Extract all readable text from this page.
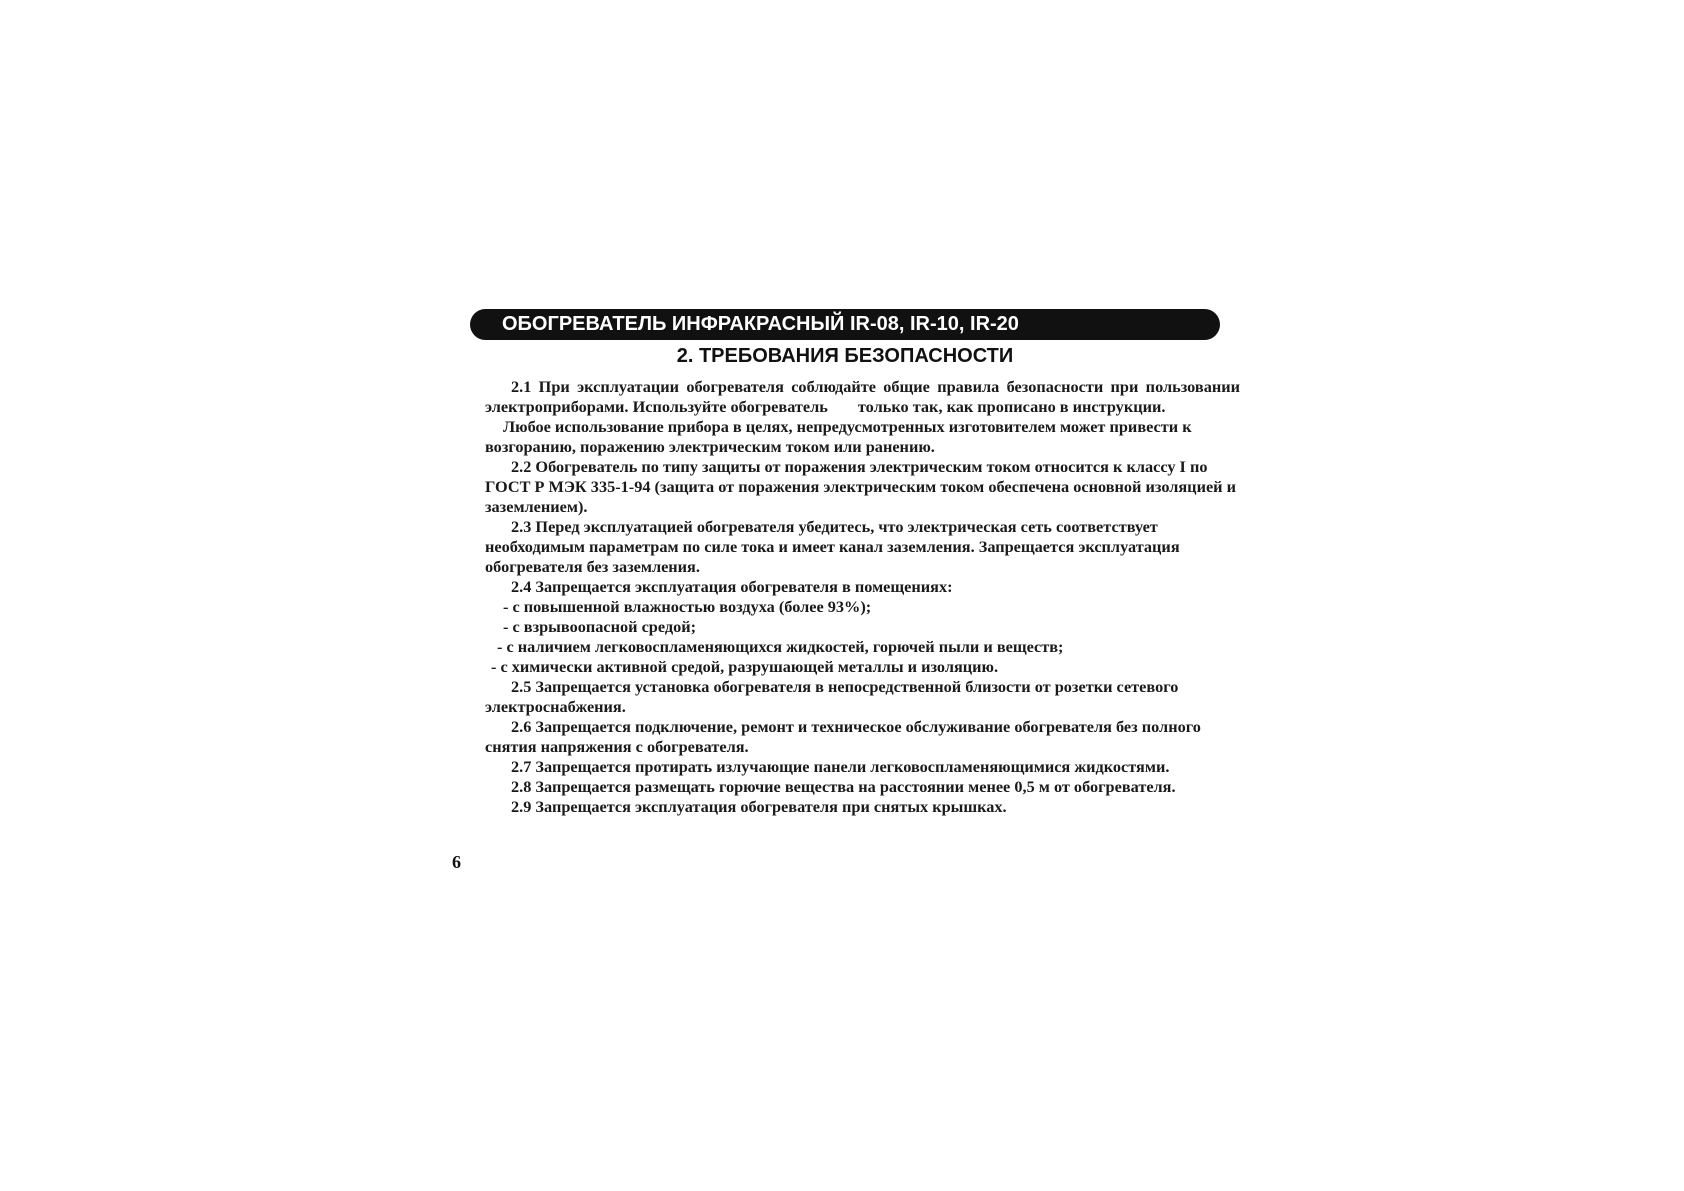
ОБОГРЕВАТЕЛЬ ИНФРАКРАСНЫЙ IR-08, IR-10, IR-20
2. ТРЕБОВАНИЯ БЕЗОПАСНОСТИ

2.1 При эксплуатации обогревателя соблюдайте общие правила безопасности при пользовании электроприборами. Используйте обогреватель только так, как прописано в инструкции.

Любое использование прибора в целях, непредусмотренных изготовителем может привести к возгоранию, поражению электрическим током или ранению.

2.2 Обогреватель по типу защиты от поражения электрическим током относится к классу I по ГОСТ Р МЭК 335-1-94 (защита от поражения электрическим током обеспечена основной изоляцией и заземлением).

2.3 Перед эксплуатацией обогревателя убедитесь, что электрическая сеть соответствует необходимым параметрам по силе тока и имеет канал заземления. Запрещается эксплуатация обогревателя без заземления.

2.4 Запрещается эксплуатация обогревателя в помещениях:

- с повышенной влажностью воздуха (более 93%);

- с взрывоопасной средой;

- с наличием легковоспламеняющихся жидкостей, горючей пыли и веществ;

- с химически активной средой, разрушающей металлы и изоляцию.

2.5 Запрещается установка обогревателя в непосредственной близости от розетки сетевого электроснабжения.

2.6 Запрещается подключение, ремонт и техническое обслуживание обогревателя без полного снятия напряжения с обогревателя.

2.7 Запрещается протирать излучающие панели легковоспламеняющимися жидкостями.

2.8 Запрещается размещать горючие вещества на расстоянии менее 0,5 м от обогревателя.

2.9 Запрещается эксплуатация обогревателя при снятых крышках.

6
